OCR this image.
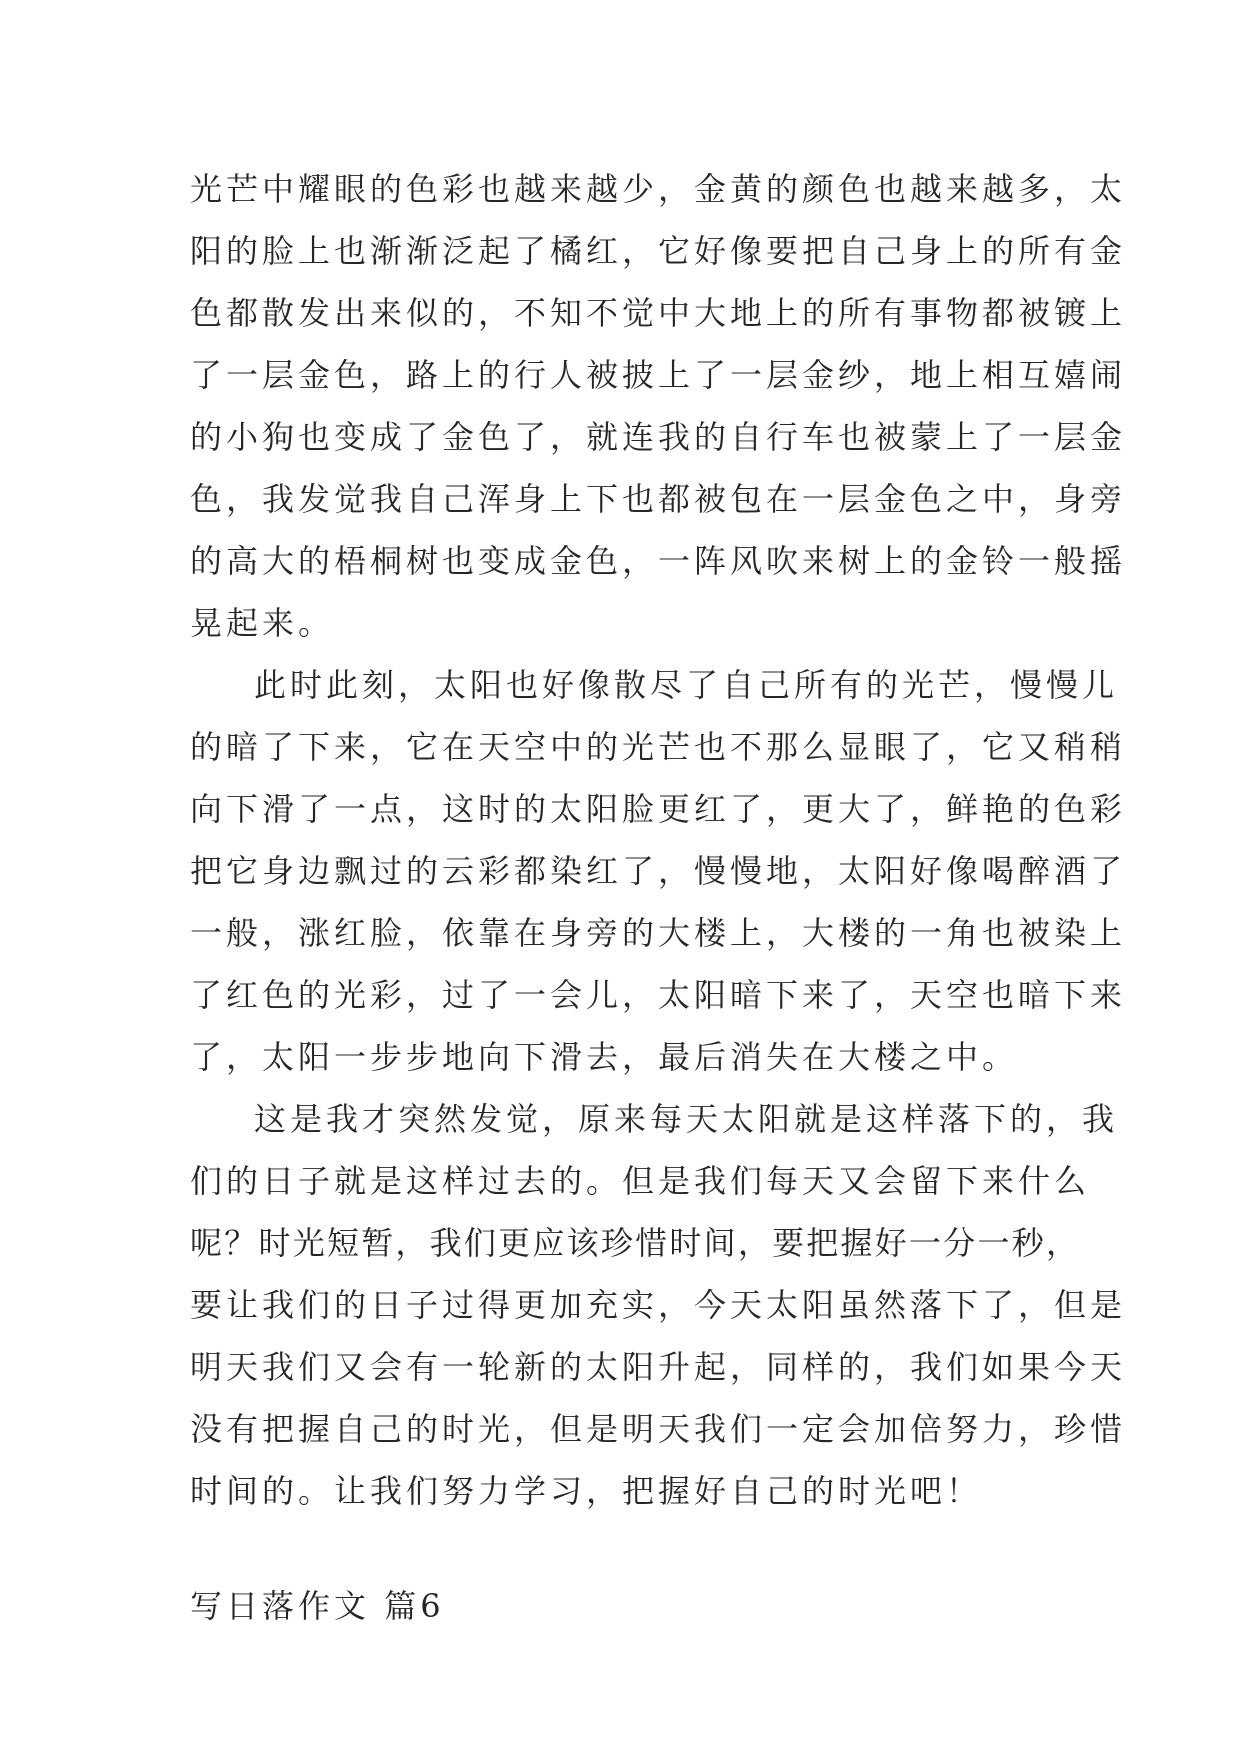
光芒中耀眼的色彩也越来越少，金黄的颜色也越来越多，太
阳的脸上也渐渐泛起了橘红，它好像要把自己身上的所有金
色都散发出来似的，不知不觉中大地上的所有事物都被镀上
了一层金色，路上的行人被披上了一层金纱，地上相互嬉闹
的小狗也变成了金色了，就连我的自行车也被蒙上了一层金
色，我发觉我自己浑身上下也都被包在一层金色之中，身旁
的高大的梧桐树也变成金色，一阵风吹来树上的金铃一般摇
晃起来。
此时此刻，太阳也好像散尽了自己所有的光芒，慢慢儿
的暗了下来，它在天空中的光芒也不那么显眼了，它又稍稍
向下滑了一点，这时的太阳脸更红了，更大了，鲜艳的色彩
把它身边飘过的云彩都染红了，慢慢地，太阳好像喝醉酒了
一般，涨红脸，依靠在身旁的大楼上，大楼的一角也被染上
了红色的光彩，过了一会儿，太阳暗下来了，天空也暗下来
了，太阳一步步地向下滑去，最后消失在大楼之中。
这是我才突然发觉，原来每天太阳就是这样落下的，我
们的日子就是这样过去的。但是我们每天又会留下来什么
呢？时光短暂，我们更应该珍惜时间，要把握好一分一秒，
要让我们的日子过得更加充实，今天太阳虽然落下了，但是
明天我们又会有一轮新的太阳升起，同样的，我们如果今天
没有把握自己的时光，但是明天我们一定会加倍努力，珍惜
时间的。让我们努力学习，把握好自己的时光吧！
写日落作文 篇6
